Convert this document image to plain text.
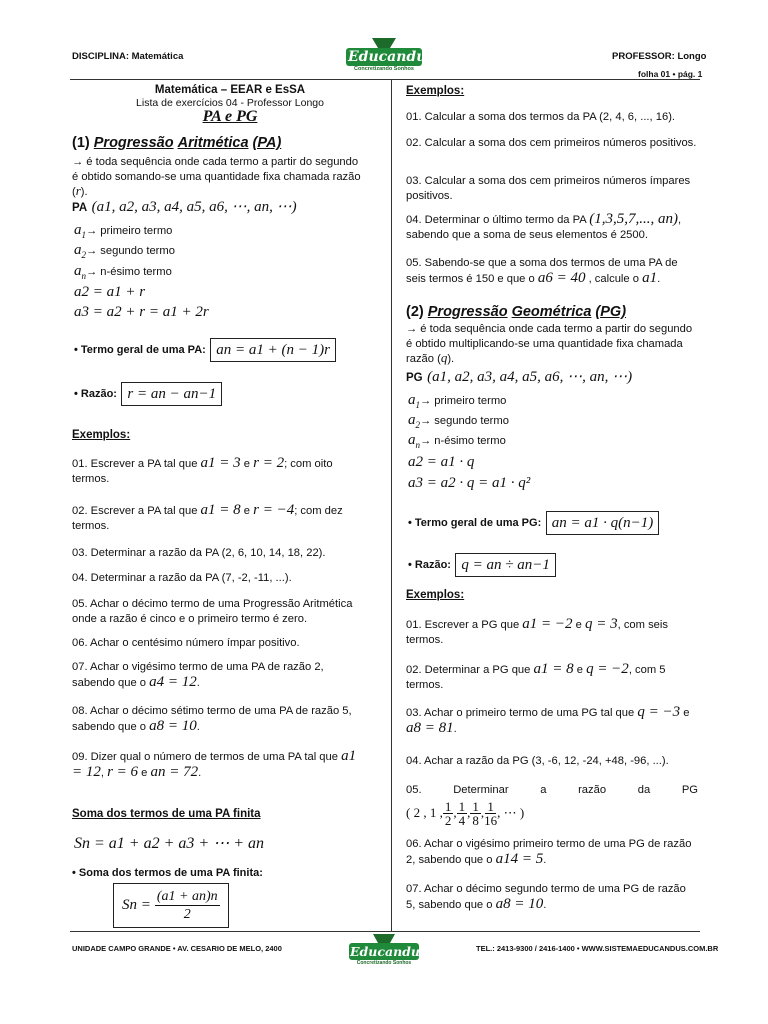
DISCIPLINA: Matemática	PROFESSOR: Longo
folha 01 • pág. 1
Educandus
Concretizando Sonhos
Matemática – EEAR e EsSA
Lista de exercícios 04 - Professor Longo
PA e PG
(1) Progressão Aritmética (PA)
→ é toda sequência onde cada termo a partir do segundo é obtido somando-se uma quantidade fixa chamada razão (r).
PA (a1, a2, a3, a4, a5, a6, ⋯, an, ⋯)
$a_1\to$ primeiro termo
$a_2\to$ segundo termo
$a_n\to$ n-ésimo termo
a2 = a1 + r
a3 = a2 + r = a1 + 2r
• Termo geral de uma PA: an = a1 + (n − 1)r
• Razão: r = an − an−1
Exemplos:
01. Escrever a PA tal que a1 = 3 e r = 2; com oito termos.
02. Escrever a PA tal que a1 = 8 e r = −4; com dez termos.
03. Determinar a razão da PA (2, 6, 10, 14, 18, 22).
04. Determinar a razão da PA (7, -2, -11, ...).
05. Achar o décimo termo de uma Progressão Aritmética onde a razão é cinco e o primeiro termo é zero.
06. Achar o centésimo número ímpar positivo.
07. Achar o vigésimo termo de uma PA de razão 2, sabendo que o a4 = 12.
08. Achar o décimo sétimo termo de uma PA de razão 5, sabendo que o a8 = 10.
09. Dizer qual o número de termos de uma PA tal que a1 = 12, r = 6 e an = 72.
Soma dos termos de uma PA finita
Sn = a1 + a2 + a3 + ⋯ + an
• Soma dos termos de uma PA finita:
$Sn = \frac{(a1 + an)n}{2}$
Exemplos:
01. Calcular a soma dos termos da PA (2, 4, 6, ..., 16).
02. Calcular a soma dos cem primeiros números positivos.
03. Calcular a soma dos cem primeiros números ímpares positivos.
04. Determinar o último termo da PA (1,3,5,7,..., an), sabendo que a soma de seus elementos é 2500.
05. Sabendo-se que a soma dos termos de uma PA de seis termos é 150 e que o a6 = 40 , calcule o a1.
(2) Progressão Geométrica (PG)
→ é toda sequência onde cada termo a partir do segundo é obtido multiplicando-se uma quantidade fixa chamada razão (q).
PG (a1, a2, a3, a4, a5, a6, ⋯, an, ⋯)
$a_1\to$ primeiro termo
$a_2\to$ segundo termo
$a_n\to$ n-ésimo termo
a2 = a1 · q
a3 = a2 · q = a1 · q²
• Termo geral de uma PG: an = a1 · q(n−1)
• Razão: q = an ÷ an−1
Exemplos:
01. Escrever a PG que a1 = −2 e q = 3, com seis termos.
02. Determinar a PG que a1 = 8 e q = −2, com 5 termos.
03. Achar o primeiro termo de uma PG tal que q = −3 e a8 = 81.
04. Achar a razão da PG (3, -6, 12, -24, +48, -96, ...).
05. Determinar a razão da PG
( 2 , 1 , $\frac{1}{2}$ , $\frac{1}{4}$ , $\frac{1}{8}$ , $\frac{1}{16}$ , ⋯ )
06. Achar o vigésimo primeiro termo de uma PG de razão 2, sabendo que o a14 = 5.
07. Achar o décimo segundo termo de uma PG de razão 5, sabendo que o a8 = 10.
UNIDADE CAMPO GRANDE • AV. CESARIO DE MELO, 2400	TEL.: 2413-9300 / 2416-1400 • WWW.SISTEMAEDUCANDUS.COM.BR
Educandus
Concretizando Sonhos
